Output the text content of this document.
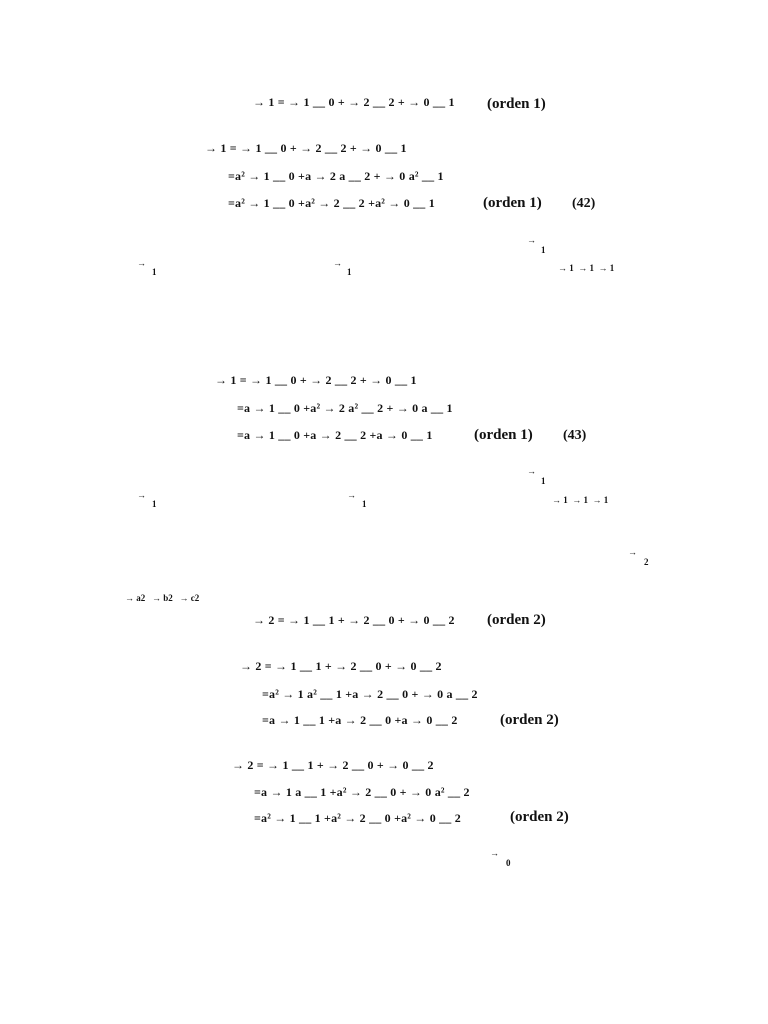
→ 1 = → 1 __ 0 + → 2 __ 2 + → 0 __ 1 (orden 1)
→ 1 = → 1 __ 0 + → 2 __ 2 + → 0 __ 1
=a² → 1 __ 0 +a → 2 a __ 2 + → 0 a² __ 1
=a² → 1 __ 0 +a² → 2 __ 2 +a² → 0 __ 1	(orden 1) (42)
→
1
→
1
→
1	→ 1  → 1  → 1
→ 1 = → 1 __ 0 + → 2 __ 2 + → 0 __ 1
=a → 1 __ 0 +a² → 2 a² __ 2 + → 0 a __ 1
=a → 1 __ 0 +a → 2 __ 2 +a → 0 __ 1	(orden 1) (43)
→
1
→
1
→
1	→ 1  → 1  → 1
→
2
→ a2   → b2   → c2
→ 2 = → 1 __ 1 + → 2 __ 0 + → 0 __ 2 (orden 2)
→ 2 = → 1 __ 1 + → 2 __ 0 + → 0 __ 2
=a² → 1 a² __ 1 +a → 2 __ 0 + → 0 a __ 2
=a → 1 __ 1 +a → 2 __ 0 +a → 0 __ 2	(orden 2)
→ 2 = → 1 __ 1 + → 2 __ 0 + → 0 __ 2
=a → 1 a __ 1 +a² → 2 __ 0 + → 0 a² __ 2
=a² → 1 __ 1 +a² → 2 __ 0 +a² → 0 __ 2	(orden 2)
→
0
